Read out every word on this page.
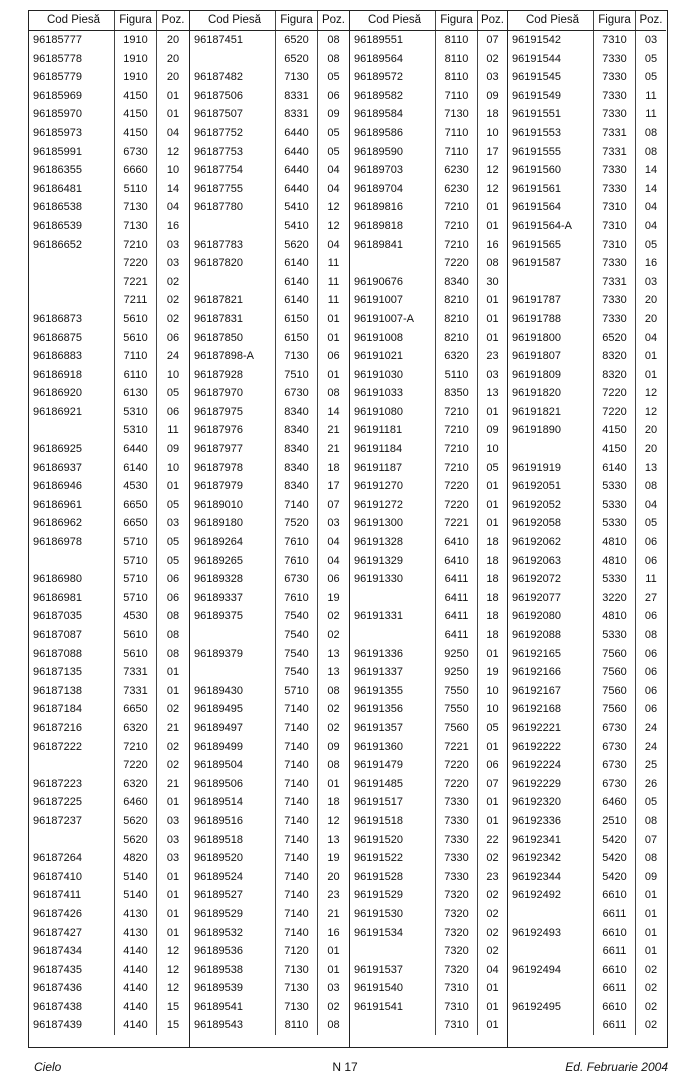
Cod Piesă	Figura Poz.
96185777	1910	20
96185778	1910	20
96185779	1910	20
96185969	4150	01
96185970	4150	01
96185973	4150	04
96185991	6730	12
96186355	6660	10
96186481	5110	14
96186538	7130	04
96186539	7130	16
96186652	7210	03
7220	03
7221	02
7211	02
96186873	5610	02
96186875	5610	06
96186883	7110	24
96186918	6110	10
96186920	6130	05
96186921	5310	06
5310	11
96186925	6440	09
96186937	6140	10
96186946	4530	01
96186961	6650	05
96186962	6650	03
96186978	5710	05
5710	05
96186980	5710	06
96186981	5710	06
96187035	4530	08
96187087	5610	08
96187088	5610	08
96187135	7331	01
96187138	7331	01
96187184	6650	02
96187216	6320	21
96187222	7210	02
7220	02
96187223	6320	21
96187225	6460	01
96187237	5620	03
5620	03
96187264	4820	03
96187410	5140	01
96187411	5140	01
96187426	4130	01
96187427	4130	01
96187434	4140	12
96187435	4140	12
96187436	4140	12
96187438	4140	15
96187439	4140	15
Cod Piesă	Figura Poz.
96187451	6520	08
6520	08
96187482	7130	05
96187506	8331	06
96187507	8331	09
96187752	6440	05
96187753	6440	05
96187754	6440	04
96187755	6440	04
96187780	5410	12
5410	12
96187783	5620	04
96187820	6140	11
6140	11
96187821	6140	11
96187831	6150	01
96187850	6150	01
96187898-A	7130	06
96187928	7510	01
96187970	6730	08
96187975	8340	14
96187976	8340	21
96187977	8340	21
96187978	8340	18
96187979	8340	17
96189010	7140	07
96189180	7520	03
96189264	7610	04
96189265	7610	04
96189328	6730	06
96189337	7610	19
96189375	7540	02
7540	02
96189379	7540	13
7540	13
96189430	5710	08
96189495	7140	02
96189497	7140	02
96189499	7140	09
96189504	7140	08
96189506	7140	01
96189514	7140	18
96189516	7140	12
96189518	7140	13
96189520	7140	19
96189524	7140	20
96189527	7140	23
96189529	7140	21
96189532	7140	16
96189536	7120	01
96189538	7130	01
96189539	7130	03
96189541	7130	02
96189543	8110	08
Cod Piesă	Figura Poz.
96189551	8110	07
96189564	8110	02
96189572	8110	03
96189582	7110	09
96189584	7130	18
96189586	7110	10
96189590	7110	17
96189703	6230	12
96189704	6230	12
96189816	7210	01
96189818	7210	01
96189841	7210	16
7220	08
96190676	8340	30
96191007	8210	01
96191007-A	8210	01
96191008	8210	01
96191021	6320	23
96191030	5110	03
96191033	8350	13
96191080	7210	01
96191181	7210	09
96191184	7210	10
96191187	7210	05
96191270	7220	01
96191272	7220	01
96191300	7221	01
96191328	6410	18
96191329	6410	18
96191330	6411	18
6411	18
96191331	6411	18
6411	18
96191336	9250	01
96191337	9250	19
96191355	7550	10
96191356	7550	10
96191357	7560	05
96191360	7221	01
96191479	7220	06
96191485	7220	07
96191517	7330	01
96191518	7330	01
96191520	7330	22
96191522	7330	02
96191528	7330	23
96191529	7320	02
96191530	7320	02
96191534	7320	02
7320	02
96191537	7320	04
96191540	7310	01
96191541	7310	01
7310	01
Cod Piesă	Figura Poz.
96191542	7310	03
96191544	7330	05
96191545	7330	05
96191549	7330	11
96191551	7330	11
96191553	7331	08
96191555	7331	08
96191560	7330	14
96191561	7330	14
96191564	7310	04
96191564-A	7310	04
96191565	7310	05
96191587	7330	16
7331	03
96191787	7330	20
96191788	7330	20
96191800	6520	04
96191807	8320	01
96191809	8320	01
96191820	7220	12
96191821	7220	12
96191890	4150	20
4150	20
96191919	6140	13
96192051	5330	08
96192052	5330	04
96192058	5330	05
96192062	4810	06
96192063	4810	06
96192072	5330	11
96192077	3220	27
96192080	4810	06
96192088	5330	08
96192165	7560	06
96192166	7560	06
96192167	7560	06
96192168	7560	06
96192221	6730	24
96192222	6730	24
96192224	6730	25
96192229	6730	26
96192320	6460	05
96192336	2510	08
96192341	5420	07
96192342	5420	08
96192344	5420	09
96192492	6610	01
6611	01
96192493	6610	01
6611	01
96192494	6610	02
6611	02
96192495	6610	02
6611	02
Cielo	N 17	Ed. Februarie 2004
